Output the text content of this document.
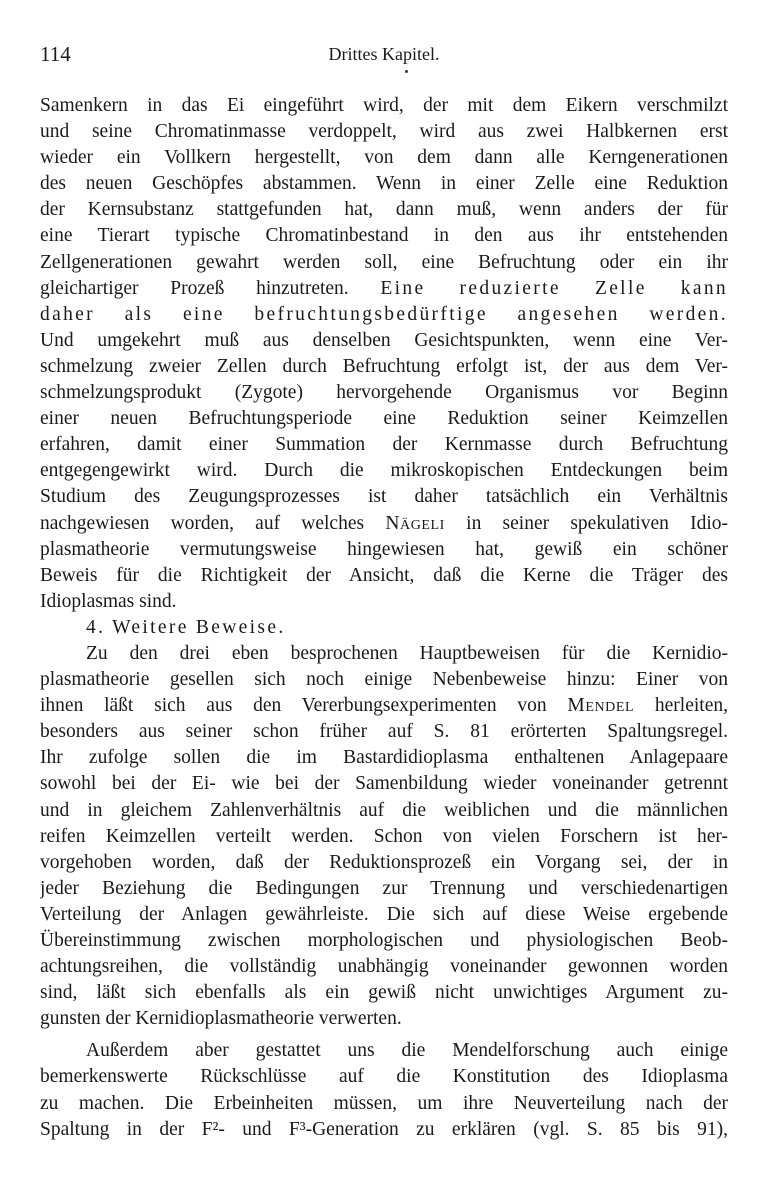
114	Drittes Kapitel.
Samenkern in das Ei eingeführt wird, der mit dem Eikern verschmilzt
und seine Chromatinmasse verdoppelt, wird aus zwei Halbkernen erst
wieder ein Vollkern hergestellt, von dem dann alle Kerngenerationen
des neuen Geschöpfes abstammen. Wenn in einer Zelle eine Reduktion
der Kernsubstanz stattgefunden hat, dann muß, wenn anders der für
eine Tierart typische Chromatinbestand in den aus ihr entstehenden
Zellgenerationen gewahrt werden soll, eine Befruchtung oder ein ihr
gleichartiger Prozeß hinzutreten. Eine reduzierte Zelle kann
daher als eine befruchtungsbedürftige angesehen werden.
Und umgekehrt muß aus denselben Gesichtspunkten, wenn eine Ver-
schmelzung zweier Zellen durch Befruchtung erfolgt ist, der aus dem Ver-
schmelzungsprodukt (Zygote) hervorgehende Organismus vor Beginn
einer neuen Befruchtungsperiode eine Reduktion seiner Keimzellen
erfahren, damit einer Summation der Kernmasse durch Befruchtung
entgegengewirkt wird. Durch die mikroskopischen Entdeckungen beim
Studium des Zeugungsprozesses ist daher tatsächlich ein Verhältnis
nachgewiesen worden, auf welches Nägeli in seiner spekulativen Idio-
plasmatheorie vermutungsweise hingewiesen hat, gewiß ein schöner
Beweis für die Richtigkeit der Ansicht, daß die Kerne die Träger des
Idioplasmas sind.
4. Weitere Beweise.
Zu den drei eben besprochenen Hauptbeweisen für die Kernidio-
plasmatheorie gesellen sich noch einige Nebenbeweise hinzu: Einer von
ihnen läßt sich aus den Vererbungsexperimenten von Mendel herleiten,
besonders aus seiner schon früher auf S. 81 erörterten Spaltungsregel.
Ihr zufolge sollen die im Bastardidioplasma enthaltenen Anlagepaare
sowohl bei der Ei- wie bei der Samenbildung wieder voneinander getrennt
und in gleichem Zahlenverhältnis auf die weiblichen und die männlichen
reifen Keimzellen verteilt werden. Schon von vielen Forschern ist her-
vorgehoben worden, daß der Reduktionsprozeß ein Vorgang sei, der in
jeder Beziehung die Bedingungen zur Trennung und verschiedenartigen
Verteilung der Anlagen gewährleiste. Die sich auf diese Weise ergebende
Übereinstimmung zwischen morphologischen und physiologischen Beob-
achtungsreihen, die vollständig unabhängig voneinander gewonnen worden
sind, läßt sich ebenfalls als ein gewiß nicht unwichtiges Argument zu-
gunsten der Kernidioplasmatheorie verwerten.
Außerdem aber gestattet uns die Mendelforschung auch einige
bemerkenswerte Rückschlüsse auf die Konstitution des Idioplasma
zu machen. Die Erbeinheiten müssen, um ihre Neuverteilung nach der
Spaltung in der F²- und F³-Generation zu erklären (vgl. S. 85 bis 91),
